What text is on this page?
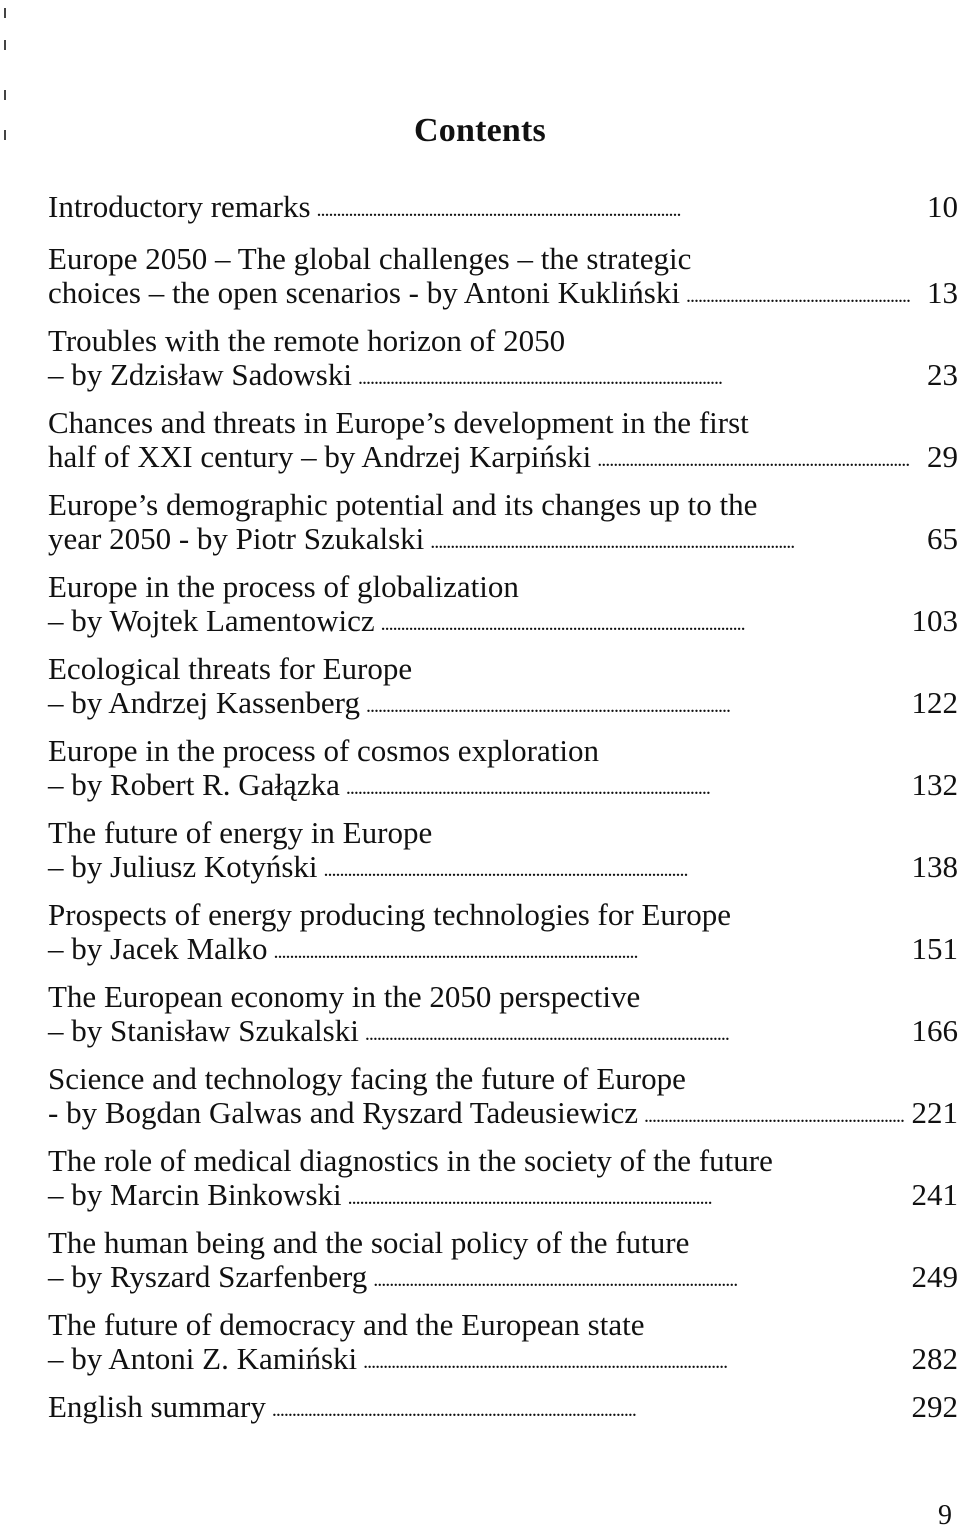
Contents
Introductory remarks . . .	10
Europe 2050 – The global challenges – the strategic
choices – the open scenarios - by Antoni Kukliński . . .	13
Troubles with the remote horizon of 2050
– by Zdzisław Sadowski . . .	23
Chances and threats in Europe’s development in the first
half of XXI century – by Andrzej Karpiński . . .	29
Europe’s demographic potential and its changes up to the
year 2050 - by Piotr Szukalski . . .	65
Europe in the process of globalization
– by Wojtek Lamentowicz . . .	103
Ecological threats for Europe
– by Andrzej Kassenberg . . .	122
Europe in the process of cosmos exploration
– by Robert R. Gałązka . . .	132
The future of energy in Europe
– by Juliusz Kotyński . . .	138
Prospects of energy producing technologies for Europe
– by Jacek Malko . . .	151
The European economy in the 2050 perspective
– by Stanisław Szukalski . . .	166
Science and technology facing the future of Europe
- by Bogdan Galwas and Ryszard Tadeusiewicz . . .	221
The role of medical diagnostics in the society of the future
– by Marcin Binkowski . . .	241
The human being and the social policy of the future
– by Ryszard Szarfenberg . . .	249
The future of democracy and the European state
– by Antoni Z. Kamiński . . .	282
English summary . . .	292
9
